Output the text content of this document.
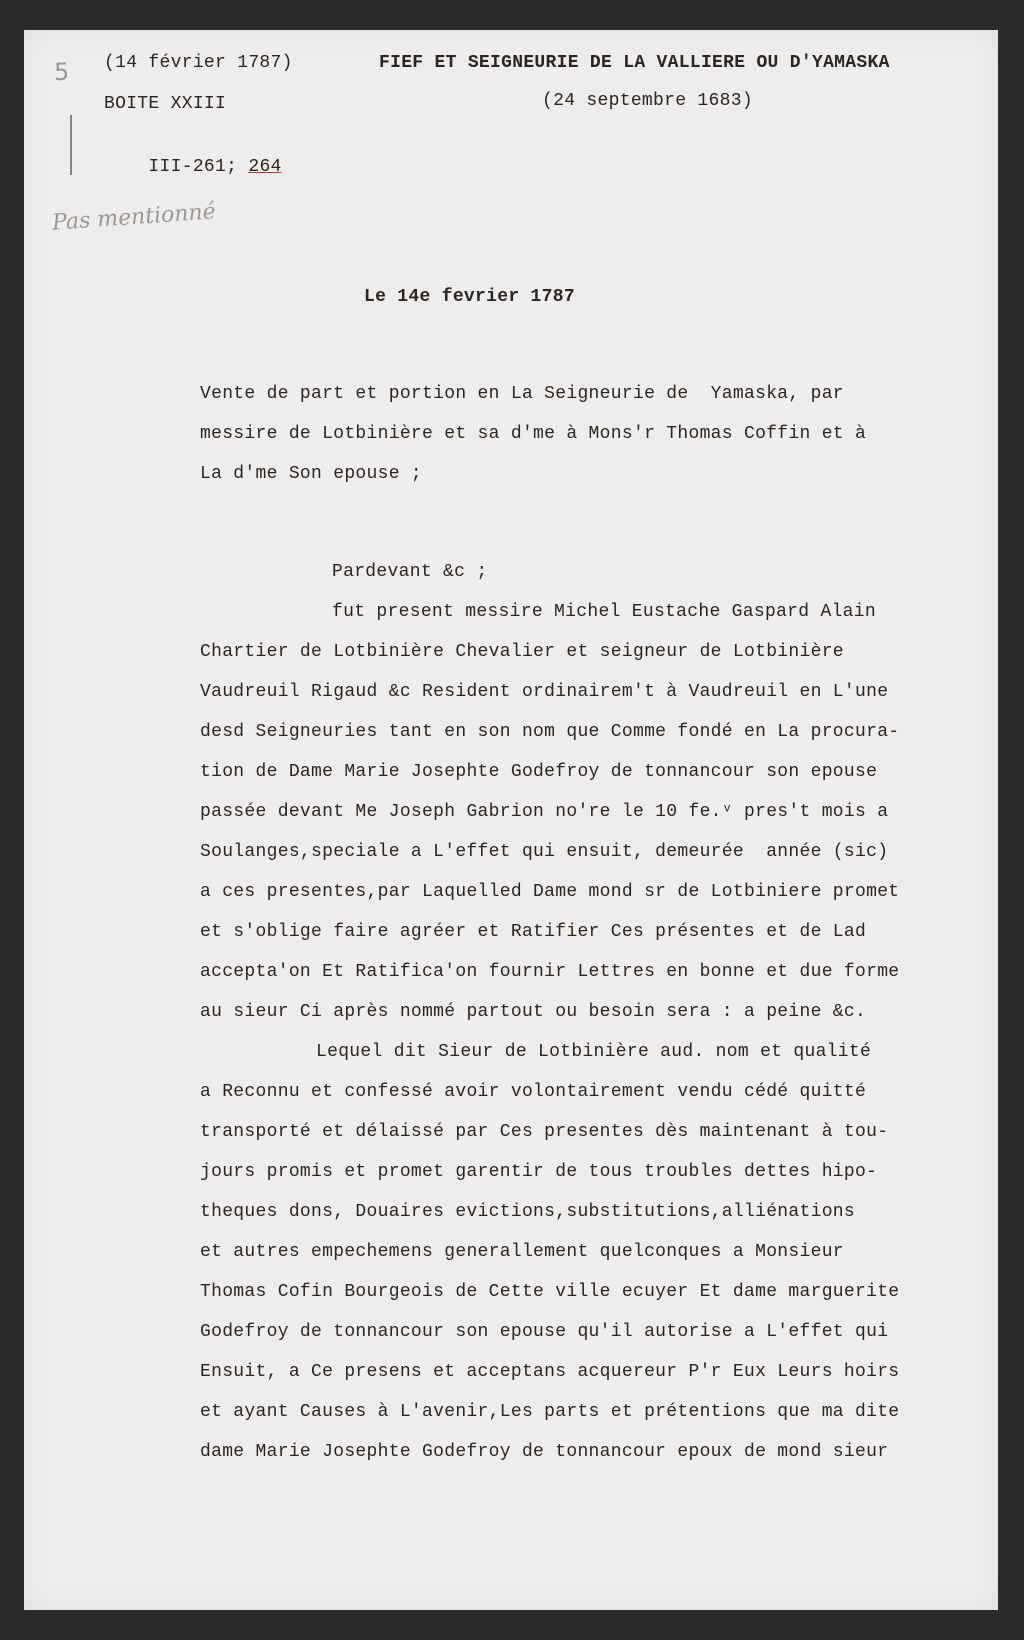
5
Pas mentionné
(14 février 1787)
BOITE XXIII

III-261; 264

FIEF ET SEIGNEURIE DE LA VALLIERE OU D'YAMASKA
(24 septembre 1683)
Le 14e fevrier 1787
Vente de part et portion en La Seigneurie de  Yamaska, par
messire de Lotbinière et sa d'me à Mons'r Thomas Coffin et à
La d'me Son epouse ;
Pardevant &c ;
fut present messire Michel Eustache Gaspard Alain
Chartier de Lotbinière Chevalier et seigneur de Lotbinière
Vaudreuil Rigaud &c Resident ordinairem't à Vaudreuil en L'une
desd Seigneuries tant en son nom que Comme fondé en La procura-
tion de Dame Marie Josephte Godefroy de tonnancour son epouse
passée devant Me Joseph Gabrion no're le 10 fe.ᵛ pres't mois a
Soulanges,speciale a L'effet qui ensuit, demeurée  année (sic)
a ces presentes,par Laquelled Dame mond sr de Lotbiniere promet
et s'oblige faire agréer et Ratifier Ces présentes et de Lad
accepta'on Et Ratifica'on fournir Lettres en bonne et due forme
au sieur Ci après nommé partout ou besoin sera : a peine &c.
Lequel dit Sieur de Lotbinière aud. nom et qualité
a Reconnu et confessé avoir volontairement vendu cédé quitté
transporté et délaissé par Ces presentes dès maintenant à tou-
jours promis et promet garentir de tous troubles dettes hipo-
theques dons, Douaires evictions,substitutions,alliénations
et autres empechemens generallement quelconques a Monsieur
Thomas Cofin Bourgeois de Cette ville ecuyer Et dame marguerite
Godefroy de tonnancour son epouse qu'il autorise a L'effet qui
Ensuit, a Ce presens et acceptans acquereur P'r Eux Leurs hoirs
et ayant Causes à L'avenir,Les parts et prétentions que ma dite
dame Marie Josephte Godefroy de tonnancour epoux de mond sieur
